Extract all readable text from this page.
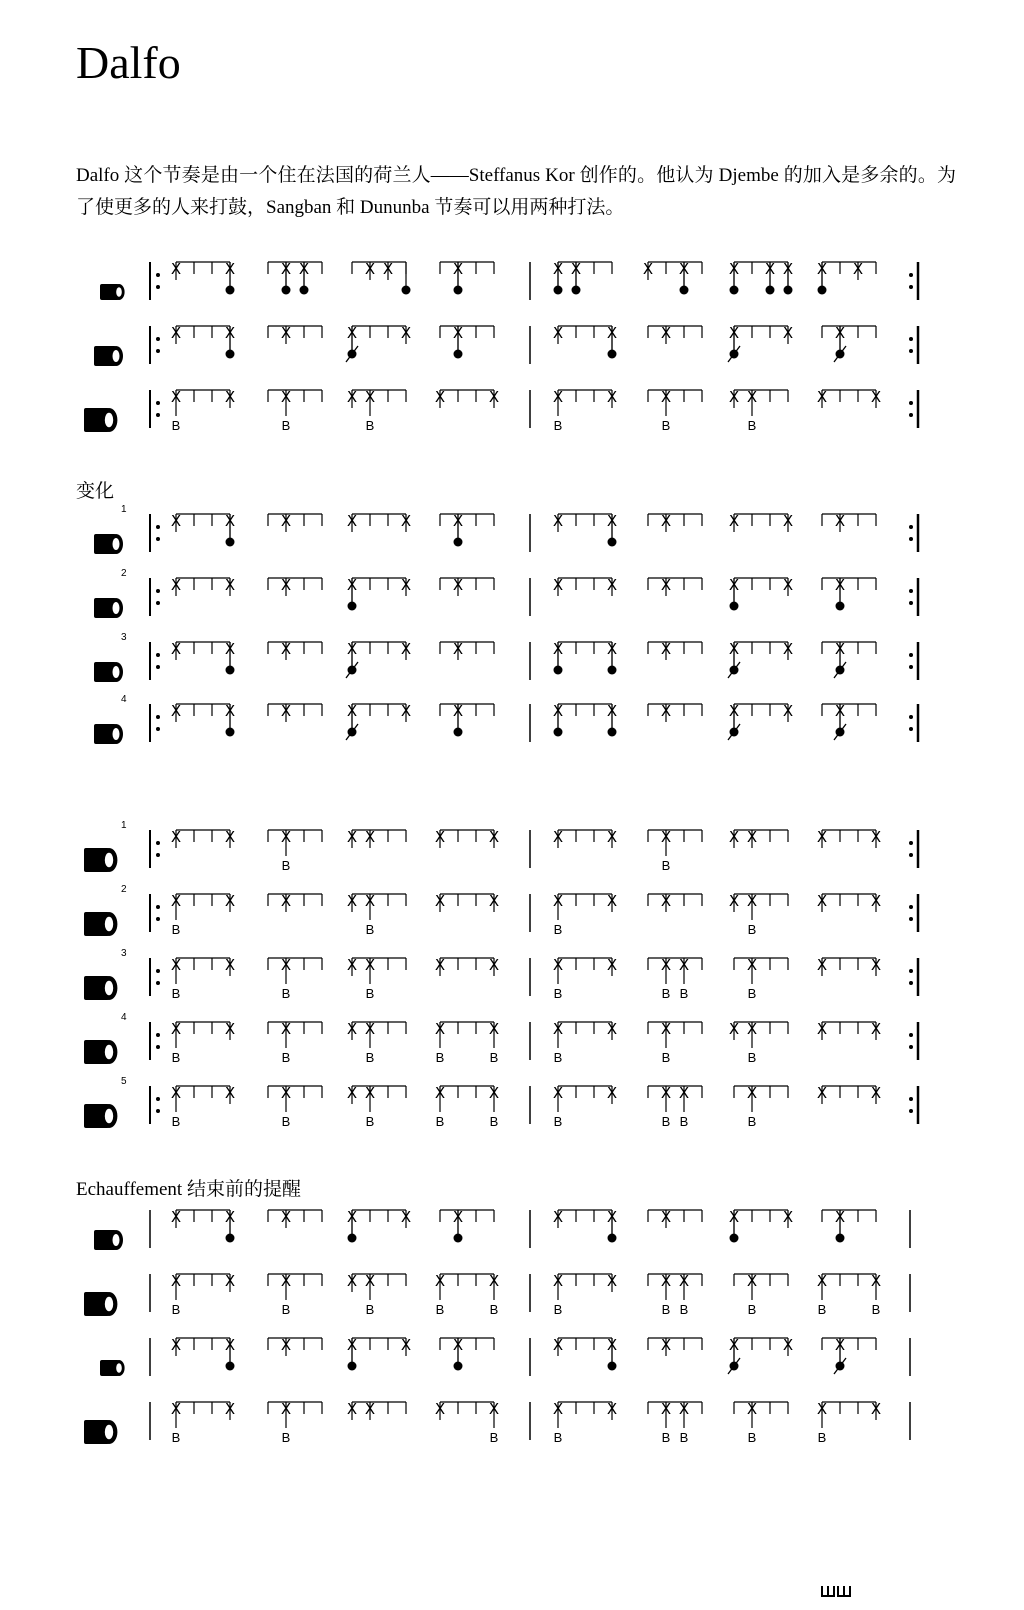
Dalfo

Dalfo 这个节奏是由一个住在法国的荷兰人——Steffanus Kor 创作的。他认为 Djembe 的加入是多余的。为了使更多的人来打鼓，Sangban 和 Dununba 节奏可以用两种打法。

变化
Echauffement 结束前的提醒
X	X	X X	X X	X	X X	X X	X X X X X
X	X	X	X	X	X	X	X	X	X	X	X
X
B
X	X
B
X X
B
X	X	X
B
X	X
B
X X
B
X	X
1
X	X	X	X	X	X	X	X	X	X	X	X
2
X	X	X	X	X	X	X	X	X	X	X	X
3
X	X	X	X	X	X	X	X	X	X	X	X
4
X	X	X	X	X	X	X	X	X	X	X	X
1
X	X	X
B
X X	X	X	X	X	X
B
X X	X	X
2
X
B
X	X	X X
B
X	X	X
B
X	X	X X
B
X	X
3
X
B
X	X
B
X X
B
X	X	X
B
X	X
B
X
B
X
B
X	X
4
X
B
X	X
B
X X
B
X
B
X
B
X
B
X	X
B
X X
B
X	X
5
X
B
X	X
B
X X
B
X
B
X
B
X
B
X	X
B
X
B
X
B
X	X
X	X	X	X	X	X	X	X	X	X	X	X
X
B
X	X
B
X X
B
X
B
X
B
X
B
X	X
B
X
B
X
B
X
B
X
B
X	X	X	X	X	X	X	X	X	X	X	X
X
B
X	X
B
X X	X	X
B
X
B
X	X
B
X
B
X
B
X
B
X
